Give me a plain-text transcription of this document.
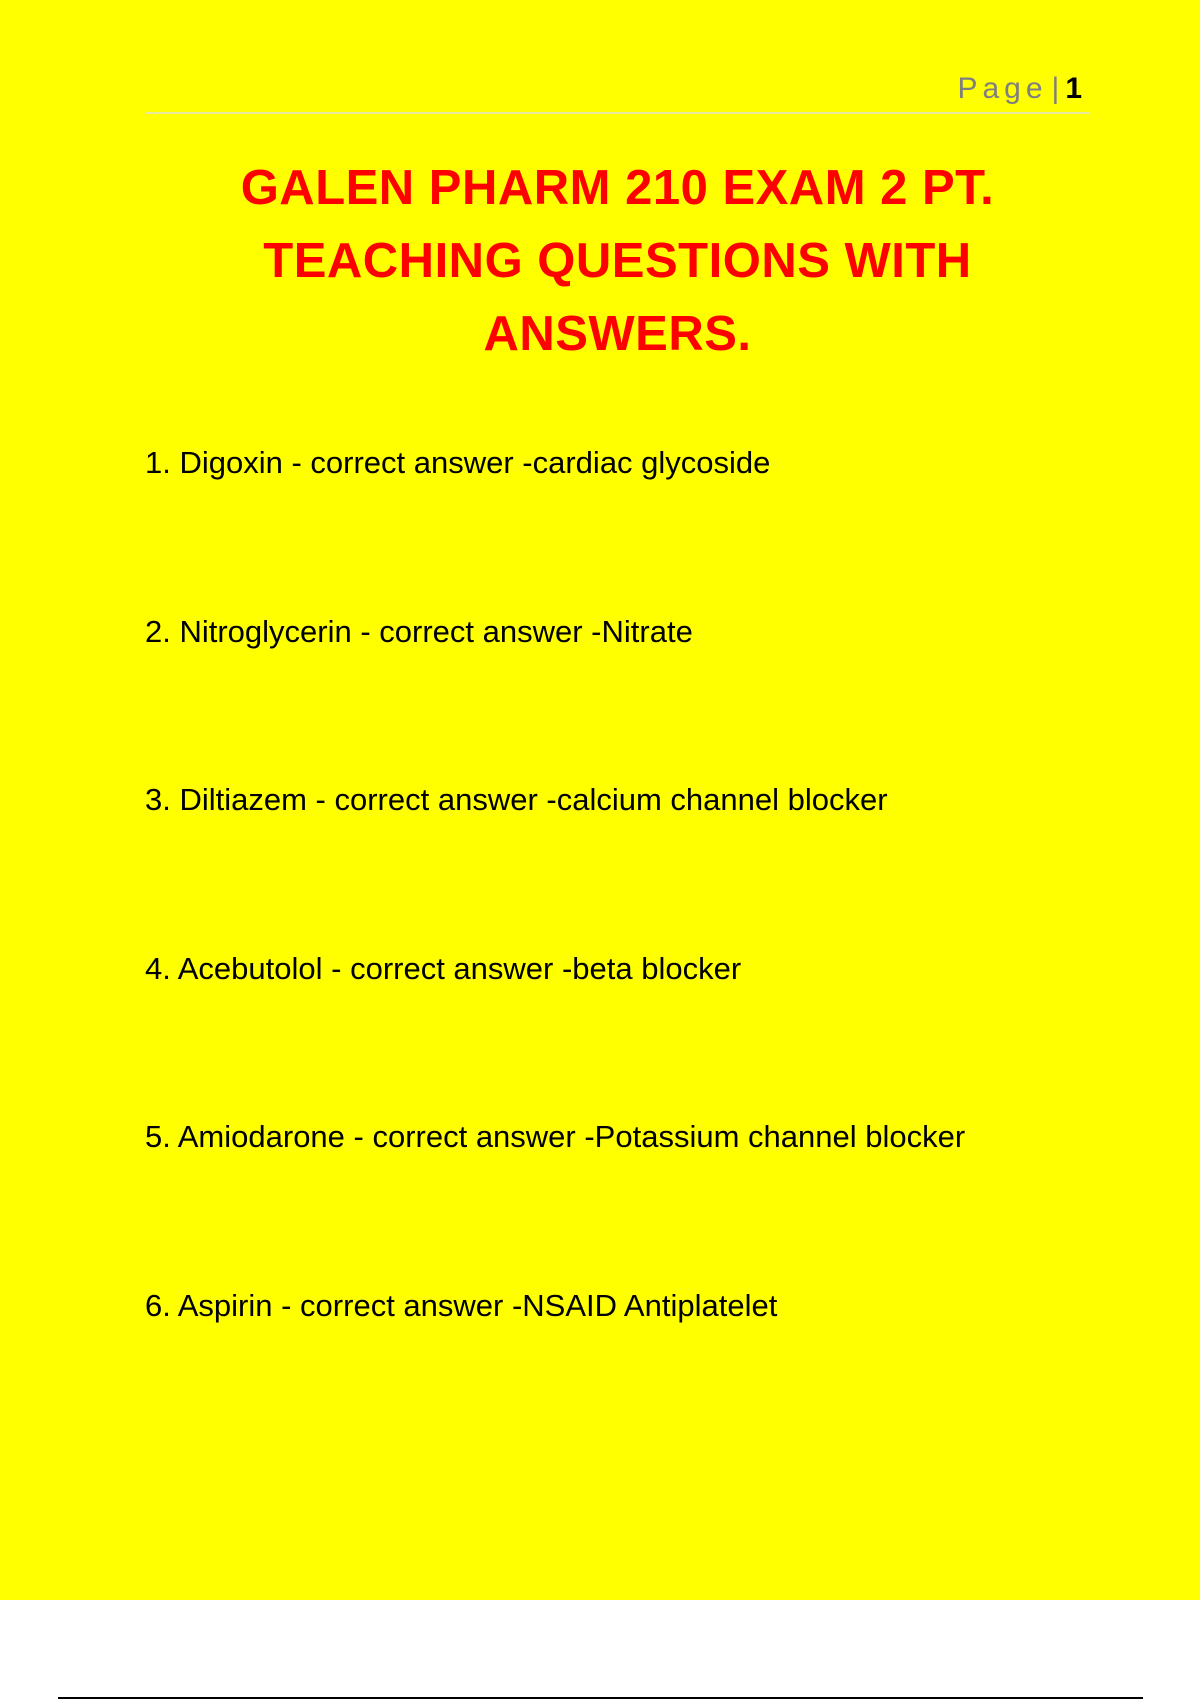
Page | 1
GALEN PHARM 210 EXAM 2 PT.
TEACHING QUESTIONS WITH
ANSWERS.
1. Digoxin - correct answer -cardiac glycoside
2. Nitroglycerin - correct answer -Nitrate
3. Diltiazem - correct answer -calcium channel blocker
4. Acebutolol - correct answer -beta blocker
5. Amiodarone - correct answer -Potassium channel blocker
6. Aspirin - correct answer -NSAID Antiplatelet
